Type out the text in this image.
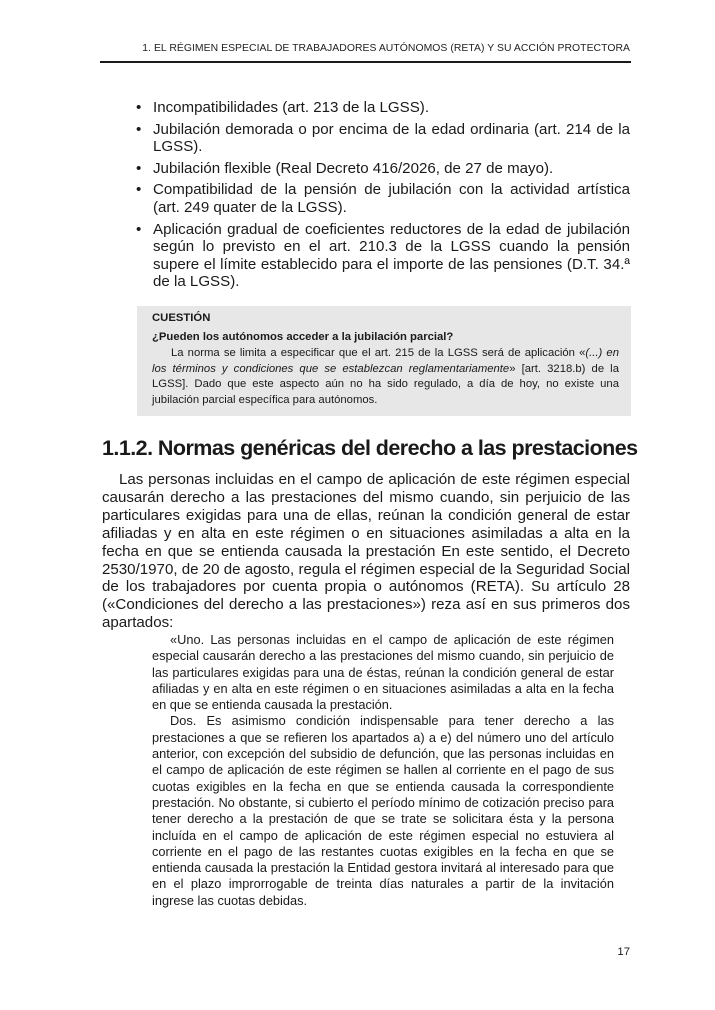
1. EL RÉGIMEN ESPECIAL DE TRABAJADORES AUTÓNOMOS (RETA) Y SU ACCIÓN PROTECTORA
• Incompatibilidades (art. 213 de la LGSS).
• Jubilación demorada o por encima de la edad ordinaria (art. 214 de la LGSS).
• Jubilación flexible (Real Decreto 416/2026, de 27 de mayo).
• Compatibilidad de la pensión de jubilación con la actividad artística (art. 249 quater de la LGSS).
• Aplicación gradual de coeficientes reductores de la edad de jubilación según lo previsto en el art. 210.3 de la LGSS cuando la pensión supere el límite establecido para el importe de las pensiones (D.T. 34.ª de la LGSS).

CUESTIÓN

¿Pueden los autónomos acceder a la jubilación parcial?

La norma se limita a especificar que el art. 215 de la LGSS será de aplicación «(...) en los términos y condiciones que se establezcan reglamentariamente» [art. 3218.b) de la LGSS]. Dado que este aspecto aún no ha sido regulado, a día de hoy, no existe una jubilación parcial específica para autónomos.

1.1.2. Normas genéricas del derecho a las prestaciones

Las personas incluidas en el campo de aplicación de este régimen especial causarán derecho a las prestaciones del mismo cuando, sin perjuicio de las particulares exigidas para una de ellas, reúnan la condición general de estar afiliadas y en alta en este régimen o en situaciones asimiladas a alta en la fecha en que se entienda causada la prestación En este sentido, el Decreto 2530/1970, de 20 de agosto, regula el régimen especial de la Seguridad Social de los trabajadores por cuenta propia o autónomos (RETA). Su artículo 28 («Condiciones del derecho a las prestaciones») reza así en sus primeros dos apartados:

«Uno. Las personas incluidas en el campo de aplicación de este régimen especial causarán derecho a las prestaciones del mismo cuando, sin perjuicio de las particulares exigidas para una de éstas, reúnan la condición general de estar afiliadas y en alta en este régimen o en situaciones asimiladas a alta en la fecha en que se entienda causada la prestación.

Dos. Es asimismo condición indispensable para tener derecho a las prestaciones a que se refieren los apartados a) a e) del número uno del artículo anterior, con excepción del subsidio de defunción, que las personas incluidas en el campo de aplicación de este régimen se hallen al corriente en el pago de sus cuotas exigibles en la fecha en que se entienda causada la correspondiente prestación. No obstante, si cubierto el período mínimo de cotización preciso para tener derecho a la prestación de que se trate se solicitara ésta y la persona incluída en el campo de aplicación de este régimen especial no estuviera al corriente en el pago de las restantes cuotas exigibles en la fecha en que se entienda causada la prestación la Entidad gestora invitará al interesado para que en el plazo improrrogable de treinta días naturales a partir de la invitación ingrese las cuotas debidas.

17
